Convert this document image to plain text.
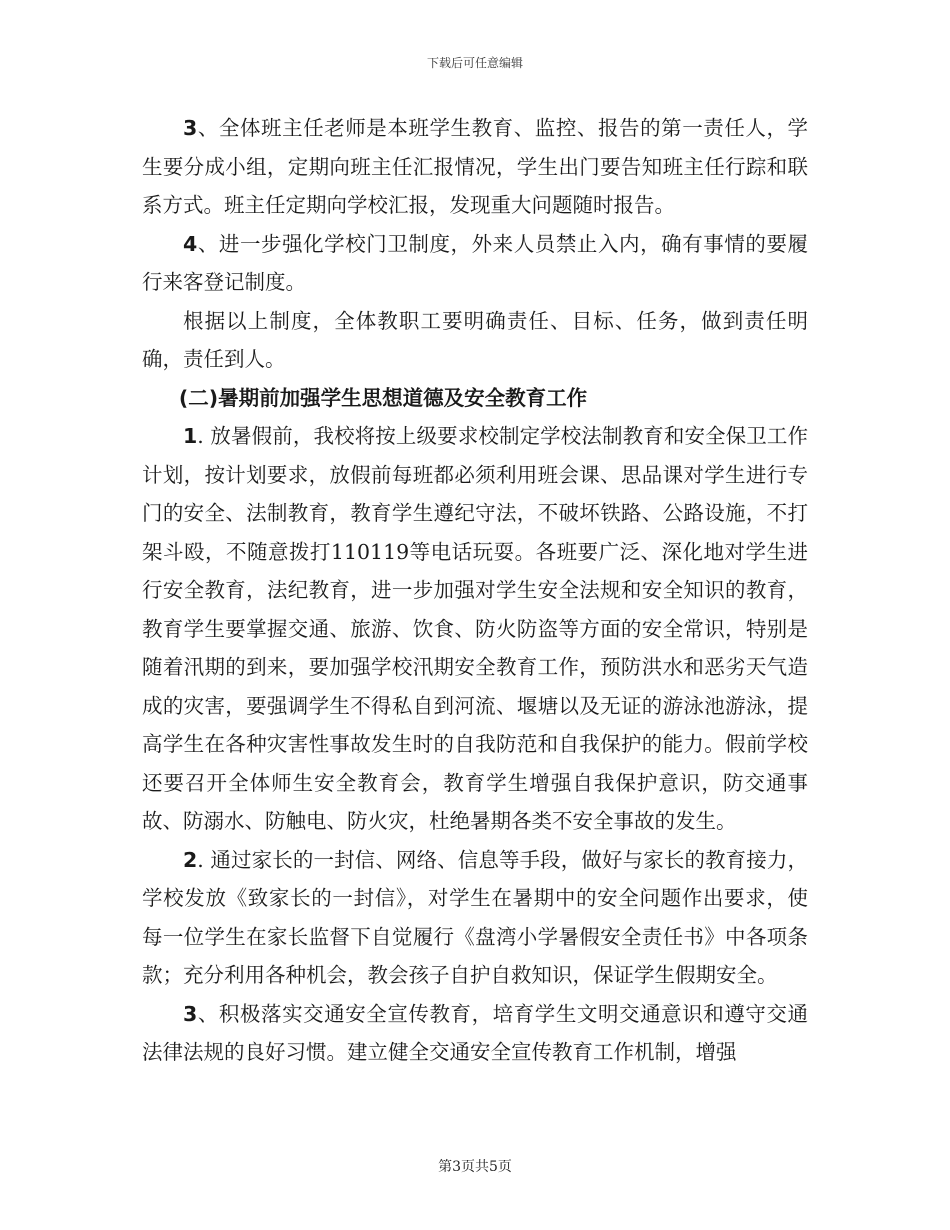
下载后可任意编辑

3、全体班主任老师是本班学生教育、监控、报告的第一责任人，学生要分成小组，定期向班主任汇报情况，学生出门要告知班主任行踪和联系方式。班主任定期向学校汇报，发现重大问题随时报告。

4、进一步强化学校门卫制度，外来人员禁止入内，确有事情的要履行来客登记制度。

根据以上制度，全体教职工要明确责任、目标、任务，做到责任明确，责任到人。

(二)暑期前加强学生思想道德及安全教育工作

1. 放暑假前，我校将按上级要求校制定学校法制教育和安全保卫工作计划，按计划要求，放假前每班都必须利用班会课、思品课对学生进行专门的安全、法制教育，教育学生遵纪守法，不破坏铁路、公路设施，不打架斗殴，不随意拨打110119等电话玩耍。各班要广泛、深化地对学生进行安全教育，法纪教育，进一步加强对学生安全法规和安全知识的教育，教育学生要掌握交通、旅游、饮食、防火防盗等方面的安全常识，特别是随着汛期的到来，要加强学校汛期安全教育工作，预防洪水和恶劣天气造成的灾害，要强调学生不得私自到河流、堰塘以及无证的游泳池游泳，提高学生在各种灾害性事故发生时的自我防范和自我保护的能力。假前学校还要召开全体师生安全教育会，教育学生增强自我保护意识，防交通事故、防溺水、防触电、防火灾，杜绝暑期各类不安全事故的发生。

2. 通过家长的一封信、网络、信息等手段，做好与家长的教育接力，学校发放《致家长的一封信》，对学生在暑期中的安全问题作出要求，使每一位学生在家长监督下自觉履行《盘湾小学暑假安全责任书》中各项条款；充分利用各种机会，教会孩子自护自救知识，保证学生假期安全。

3、积极落实交通安全宣传教育，培育学生文明交通意识和遵守交通法律法规的良好习惯。建立健全交通安全宣传教育工作机制，增强

第3页共5页
